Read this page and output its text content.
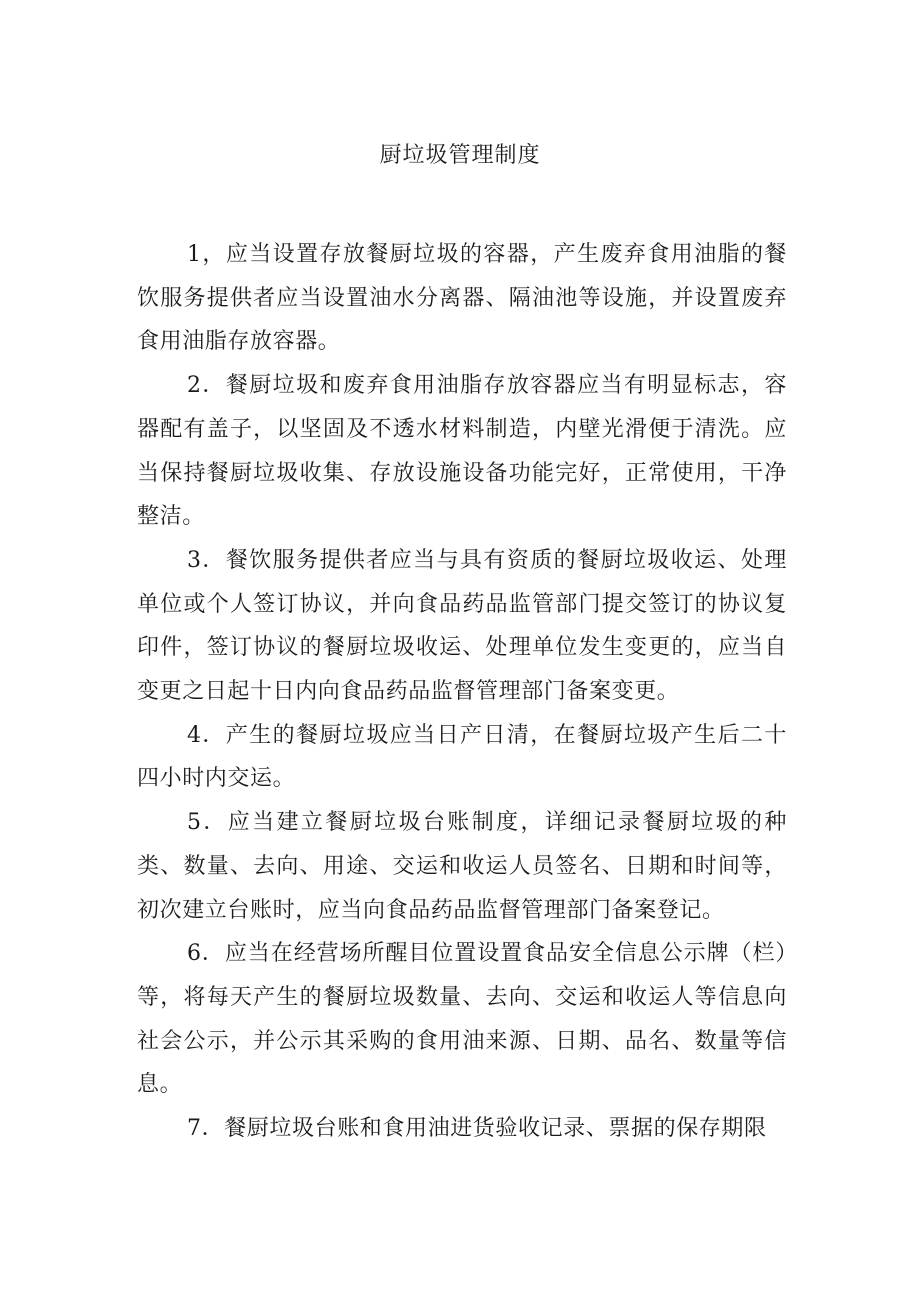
厨垃圾管理制度

1，应当设置存放餐厨垃圾的容器，产生废弃食用油脂的餐饮服务提供者应当设置油水分离器、隔油池等设施，并设置废弃食用油脂存放容器。

2．餐厨垃圾和废弃食用油脂存放容器应当有明显标志，容器配有盖子，以坚固及不透水材料制造，内壁光滑便于清洗。应当保持餐厨垃圾收集、存放设施设备功能完好，正常使用，干净整洁。

3．餐饮服务提供者应当与具有资质的餐厨垃圾收运、处理单位或个人签订协议，并向食品药品监管部门提交签订的协议复印件，签订协议的餐厨垃圾收运、处理单位发生变更的，应当自变更之日起十日内向食品药品监督管理部门备案变更。

4．产生的餐厨垃圾应当日产日清，在餐厨垃圾产生后二十四小时内交运。

5．应当建立餐厨垃圾台账制度，详细记录餐厨垃圾的种类、数量、去向、用途、交运和收运人员签名、日期和时间等，初次建立台账时，应当向食品药品监督管理部门备案登记。

6．应当在经营场所醒目位置设置食品安全信息公示牌（栏）等，将每天产生的餐厨垃圾数量、去向、交运和收运人等信息向社会公示，并公示其采购的食用油来源、日期、品名、数量等信息。

7．餐厨垃圾台账和食用油进货验收记录、票据的保存期限
